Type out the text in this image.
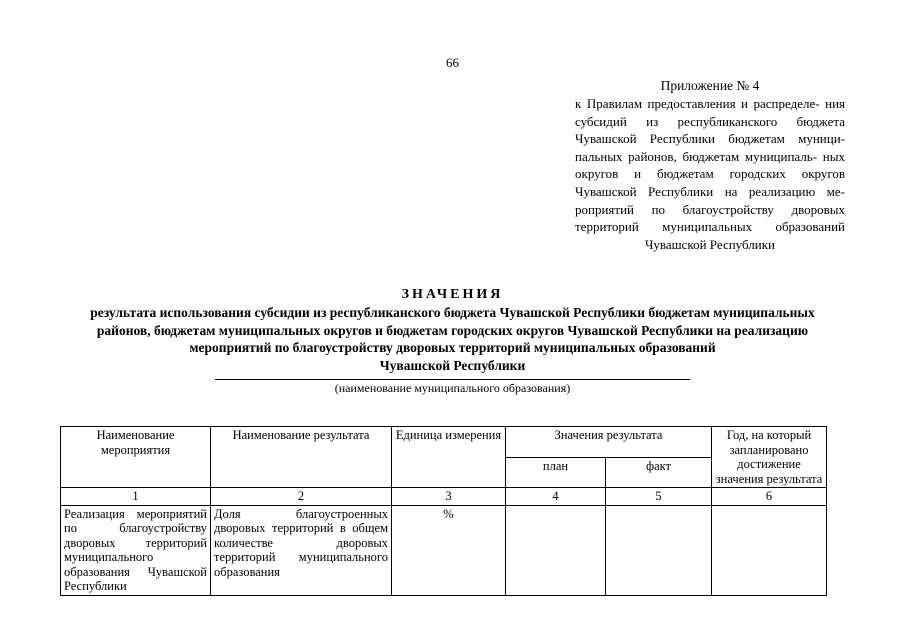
66
Приложение № 4
к Правилам предоставления и распределе- ния субсидий из республиканского бюджета Чувашской Республики бюджетам муници- пальных районов, бюджетам муниципаль- ных округов и бюджетам городских округов Чувашской Республики на реализацию ме- роприятий по благоустройству дворовых территорий муниципальных образований Чувашской Республики
ЗНАЧЕНИЯ
результата использования субсидии из республиканского бюджета Чувашской Республики бюджетам муниципальных
районов, бюджетам муниципальных округов и бюджетам городских округов Чувашской Республики на реализацию
мероприятий по благоустройству дворовых территорий муниципальных образований
Чувашской Республики
(наименование муниципального образования)
Наименование мероприятия	Наименование результата	Единица измерения	Значения результата		Год, на который запланировано достижение значения результата
			план	факт	
1	2	3	4	5	6
Реализация мероприятий по благоустройству дворовых территорий муниципального образования Чувашской Республики	Доля благоустроенных дворовых территорий в общем количестве дворовых территорий муниципального образования	%			
